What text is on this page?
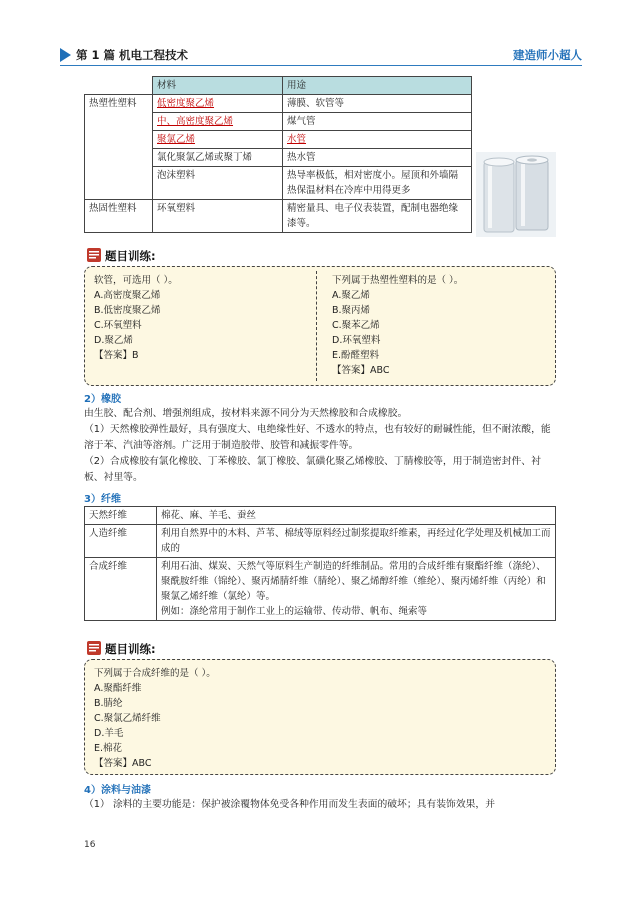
第 1 篇 机电工程技术	建造师小超人
	材料	用途
热塑性塑料	低密度聚乙烯	薄膜、软管等
	中、高密度聚乙烯	煤气管
	聚氯乙烯	水管
	氯化聚氯乙烯或聚丁烯	热水管
	泡沫塑料	热导率极低，相对密度小。屋顶和外墙隔热保温材料在冷库中用得更多
热固性塑料	环氧塑料	精密量具、电子仪表装置，配制电器绝缘漆等。
题目训练:
软管，可选用（ ）。
A.高密度聚乙烯
B.低密度聚乙烯
C.环氧塑料
D.聚乙烯
【答案】B
下列属于热塑性塑料的是（ ）。
A.聚乙烯
B.聚丙烯
C.聚苯乙烯
D.环氧塑料
E.酚醛塑料
【答案】ABC
2）橡胶
由生胶、配合剂、增强剂组成，按材料来源不同分为天然橡胶和合成橡胶。
（1）天然橡胶弹性最好，具有强度大、电绝缘性好、不透水的特点，也有较好的耐碱性能，但不耐浓酸，能溶于苯、汽油等溶剂。广泛用于制造胶带、胶管和减振零件等。
（2）合成橡胶有氯化橡胶、丁苯橡胶、氯丁橡胶、氯磺化聚乙烯橡胶、丁腈橡胶等，用于制造密封件、衬板、衬里等。
3）纤维
天然纤维	棉花、麻、羊毛、蚕丝
人造纤维	利用自然界中的木料、芦苇、棉绒等原料经过制浆提取纤维素，再经过化学处理及机械加工而成的
合成纤维	利用石油、煤炭、天然气等原料生产制造的纤维制品。常用的合成纤维有聚酯纤维（涤纶）、聚酰胺纤维（锦纶）、聚丙烯腈纤维（腈纶）、聚乙烯醇纤维（维纶）、聚丙烯纤维（丙纶）和聚氯乙烯纤维（氯纶）等。
例如：涤纶常用于制作工业上的运输带、传动带、帆布、绳索等
题目训练:
下列属于合成纤维的是（ ）。
A.聚酯纤维
B.腈纶
C.聚氯乙烯纤维
D.羊毛
E.棉花
【答案】ABC
4）涂料与油漆
（1） 涂料的主要功能是：保护被涂覆物体免受各种作用而发生表面的破坏；具有装饰效果，并
16
